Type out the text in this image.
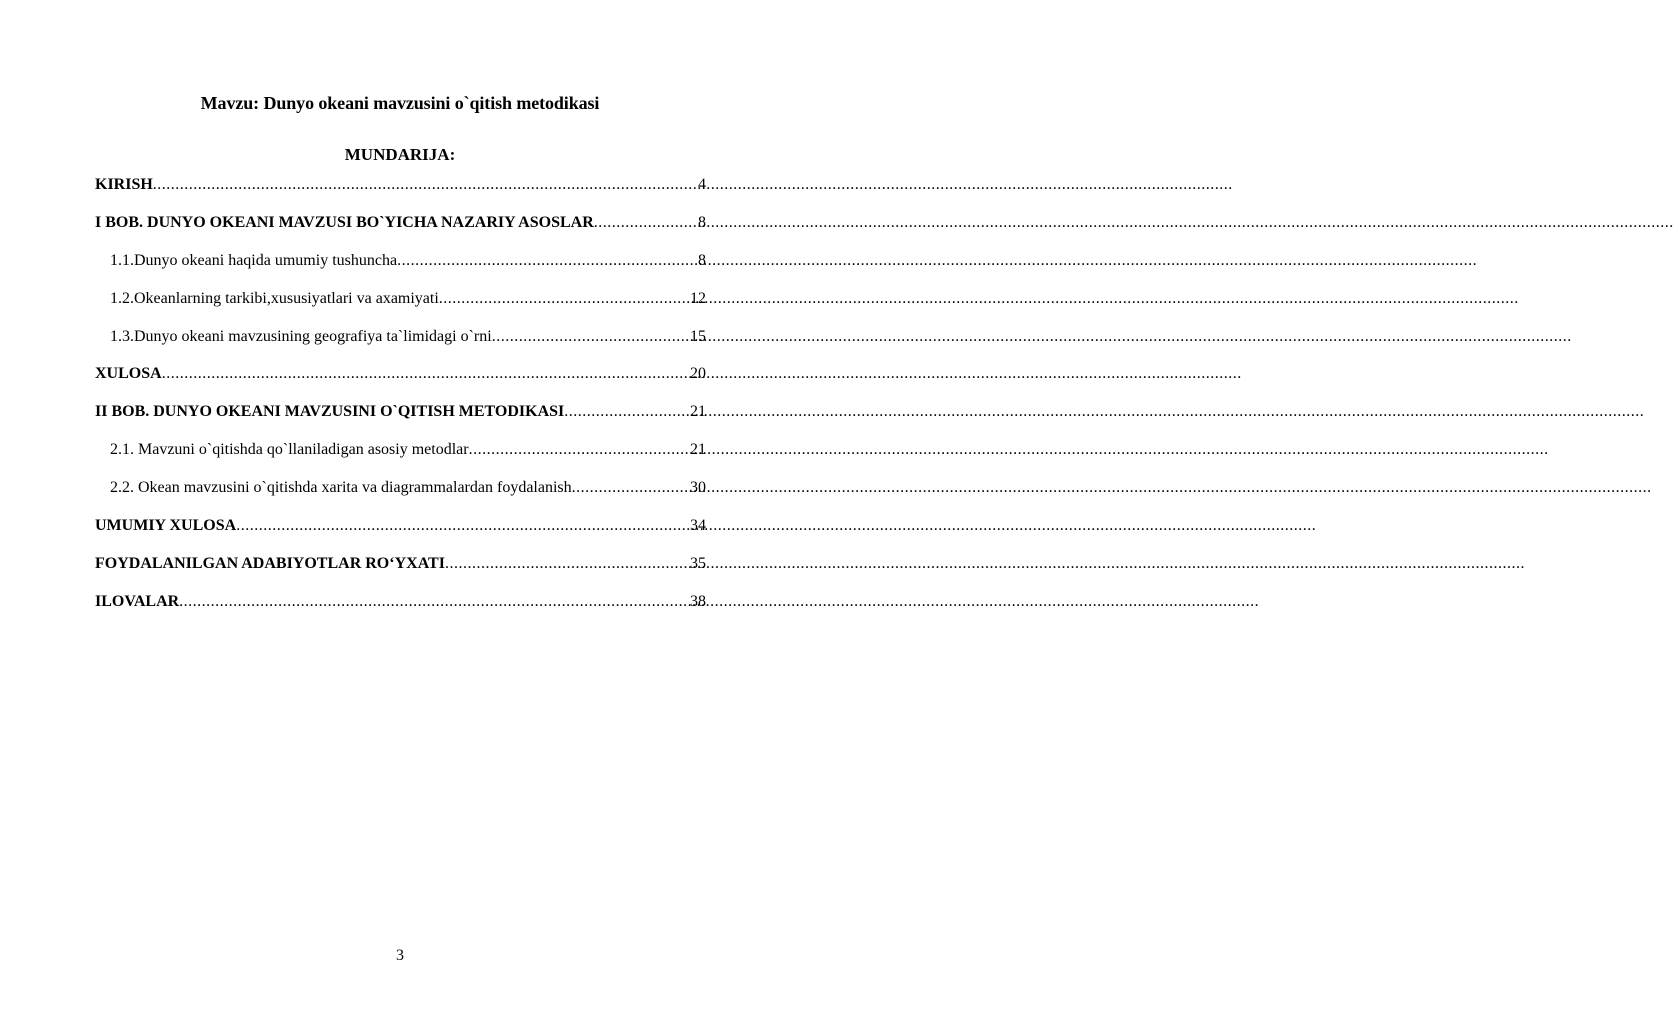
Mavzu: Dunyo okeani mavzusini o`qitish metodikasi
MUNDARIJA:
KIRISH .....	4
I BOB. DUNYO OKEANI MAVZUSI BO`YICHA NAZARIY ASOSLAR .....	8
1.1.Dunyo okeani haqida umumiy tushuncha .....	8
1.2.Okeanlarning tarkibi,xususiyatlari va axamiyati .....	12
1.3.Dunyo okeani mavzusining geografiya ta`limidagi o`rni .....	15
XULOSA .....	20
II BOB. DUNYO OKEANI MAVZUSINI O`QITISH METODIKASI .....	21
2.1. Mavzuni o`qitishda qo`llaniladigan asosiy metodlar .....	21
2.2. Okean mavzusini o`qitishda xarita va diagrammalardan foydalanish .....	30
UMUMIY XULOSA .....	34
FOYDALANILGAN ADABIYOTLAR RO‘YXATI .....	35
ILOVALAR .....	38
3
